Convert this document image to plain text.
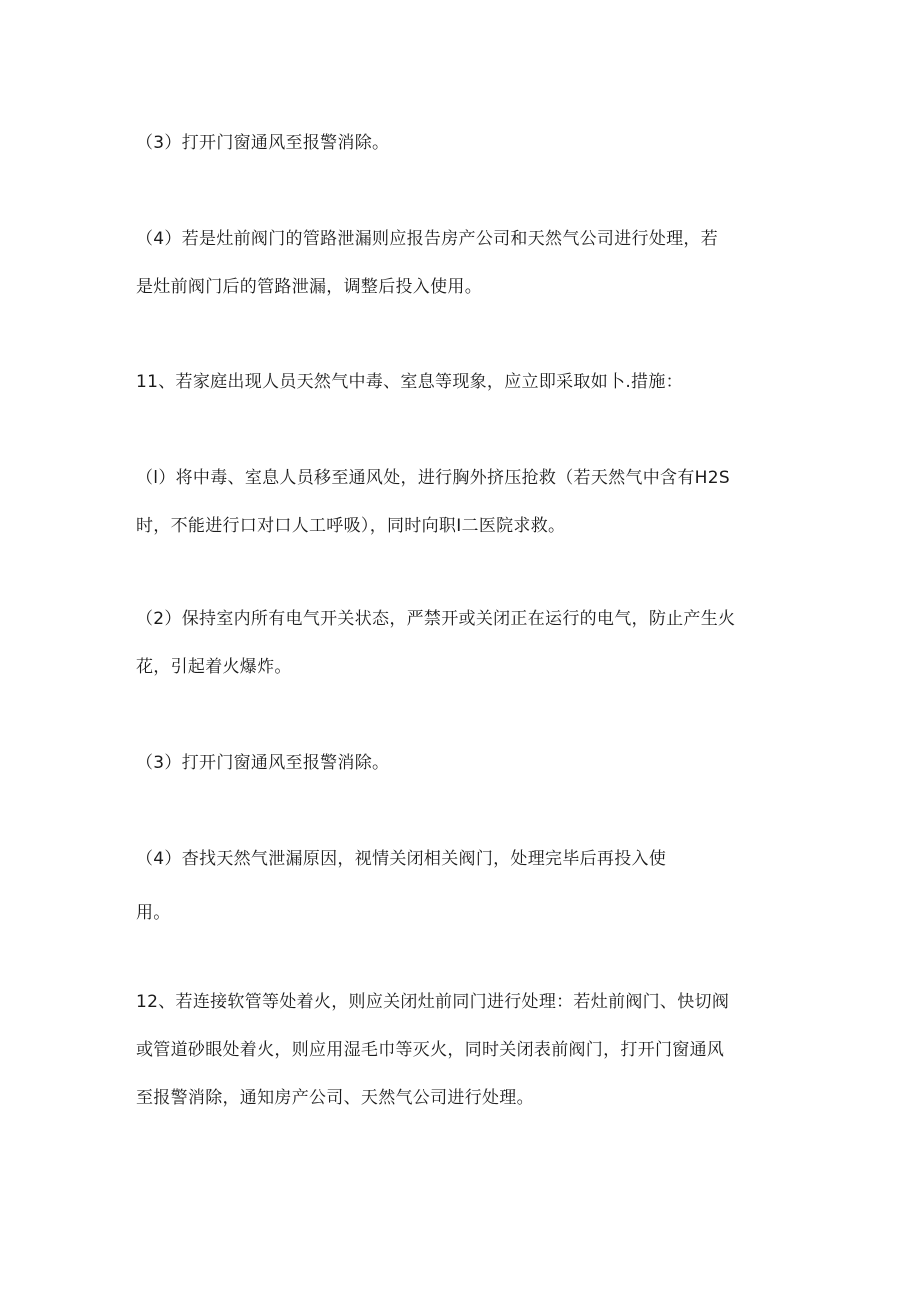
（3）打开门窗通风至报警消除。
（4）若是灶前阀门的管路泄漏则应报告房产公司和天然气公司进行处理，若
是灶前阀门后的管路泄漏，调整后投入使用。
11、若家庭出现人员天然气中毒、室息等现象，应立即采取如卜.措施：
（l）将中毒、室息人员移至通风处，进行胸外挤压抢救（若天然气中含有H2S
时，不能进行口对口人工呼吸），同时向职I二医院求救。
（2）保持室内所有电气开关状态，严禁开或关闭正在运行的电气，防止产生火
花，引起着火爆炸。
（3）打开门窗通风至报警消除。
（4）杳找天然气泄漏原因，视情关闭相关阀门，处理完毕后再投入使
用。
12、若连接软管等处着火，则应关闭灶前同门进行处理：若灶前阀门、快切阀
或管道砂眼处着火，则应用湿毛巾等灭火，同时关闭表前阀门，打开门窗通风
至报警消除，通知房产公司、天然气公司进行处理。
